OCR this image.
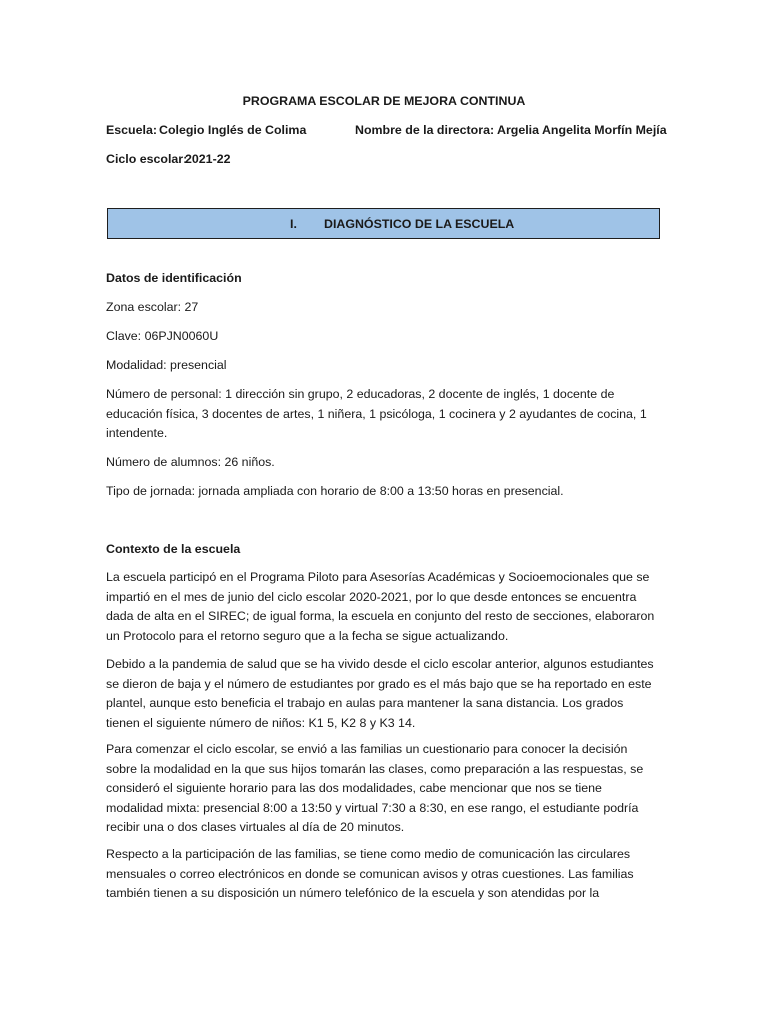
PROGRAMA ESCOLAR DE MEJORA CONTINUA
Escuela: Colegio Inglés de Colima	Nombre de la directora: Argelia Angelita Morfín Mejía
Ciclo escolar:
2021-22
I. DIAGNÓSTICO DE LA ESCUELA
Datos de identificación
Zona escolar: 27
Clave: 06PJN0060U
Modalidad: presencial
Número de personal: 1 dirección sin grupo, 2 educadoras, 2 docente de inglés, 1 docente de
educación física, 3 docentes de artes, 1 niñera, 1 psicóloga, 1 cocinera y 2 ayudantes de cocina, 1
intendente.
Número de alumnos: 26 niños.
Tipo de jornada: jornada ampliada con horario de 8:00 a 13:50 horas en presencial.
Contexto de la escuela
La escuela participó en el Programa Piloto para Asesorías Académicas y Socioemocionales que se
impartió en el mes de junio del ciclo escolar 2020-2021, por lo que desde entonces se encuentra
dada de alta en el SIREC; de igual forma, la escuela en conjunto del resto de secciones, elaboraron
un Protocolo para el retorno seguro que a la fecha se sigue actualizando.
Debido a la pandemia de salud que se ha vivido desde el ciclo escolar anterior, algunos estudiantes
se dieron de baja y el número de estudiantes por grado es el más bajo que se ha reportado en este
plantel, aunque esto beneficia el trabajo en aulas para mantener la sana distancia. Los grados
tienen el siguiente número de niños: K1 5, K2 8 y K3 14.
Para comenzar el ciclo escolar, se envió a las familias un cuestionario para conocer la decisión
sobre la modalidad en la que sus hijos tomarán las clases, como preparación a las respuestas, se
consideró el siguiente horario para las dos modalidades, cabe mencionar que nos se tiene
modalidad mixta: presencial 8:00 a 13:50 y virtual 7:30 a 8:30, en ese rango, el estudiante podría
recibir una o dos clases virtuales al día de 20 minutos.
Respecto a la participación de las familias, se tiene como medio de comunicación las circulares
mensuales o correo electrónicos en donde se comunican avisos y otras cuestiones. Las familias
también tienen a su disposición un número telefónico de la escuela y son atendidas por la
